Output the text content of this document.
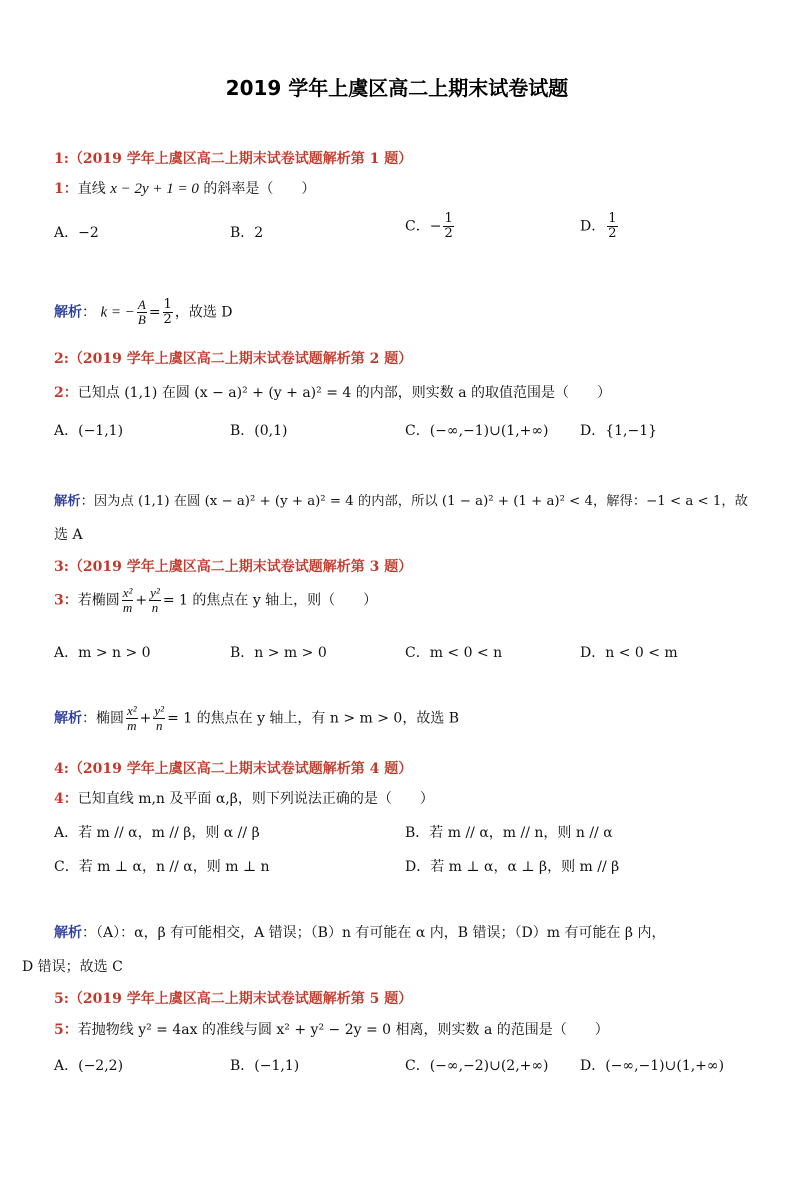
2019 学年上虞区高二上期末试卷试题
1:（2019 学年上虞区高二上期末试卷试题解析第 1 题）
1：直线 x − 2y + 1 = 0 的斜率是（　　）
A．−2	B．2	C．− $\frac{1}{2}$	D． $\frac{1}{2}$
解析： k = − $\frac{A}{B} = \frac{1}{2}$ ，故选 D
2:（2019 学年上虞区高二上期末试卷试题解析第 2 题）
2：已知点 (1,1) 在圆 (x − a)² + (y + a)² = 4 的内部，则实数 a 的取值范围是（　　）
A．(−1,1)	B．(0,1)	C．(−∞,−1)∪(1,+∞) D．{1,−1}
解析：因为点 (1,1) 在圆 (x − a)² + (y + a)² = 4 的内部，所以 (1 − a)² + (1 + a)² < 4，解得：−1 < a < 1，故
选 A
3:（2019 学年上虞区高二上期末试卷试题解析第 3 题）
3：若椭圆 $\frac{\text{x²}}{m} + \frac{\text{y²}}{n} = 1$ 的焦点在 y 轴上，则（　　）
A．m > n > 0	B．n > m > 0	C．m < 0 < n	D．n < 0 < m
解析：椭圆 $\frac{\text{x²}}{m} + \frac{\text{y²}}{n} = 1$ 的焦点在 y 轴上，有 n > m > 0，故选 B
4:（2019 学年上虞区高二上期末试卷试题解析第 4 题）
4：已知直线 m,n 及平面 α,β，则下列说法正确的是（　　）
A．若 m // α，m // β，则 α // β	B．若 m // α，m // n，则 n // α
C．若 m ⊥ α，n // α，则 m ⊥ n	D．若 m ⊥ α，α ⊥ β，则 m // β
解析：（A）：α，β 有可能相交，A 错误；（B）n 有可能在 α 内，B 错误；（D）m 有可能在 β 内，
D 错误；故选 C
5:（2019 学年上虞区高二上期末试卷试题解析第 5 题）
5：若抛物线 y² = 4ax 的准线与圆 x² + y² − 2y = 0 相离，则实数 a 的范围是（　　）
A．(−2,2)	B．(−1,1)	C．(−∞,−2)∪(2,+∞) D．(−∞,−1)∪(1,+∞)
